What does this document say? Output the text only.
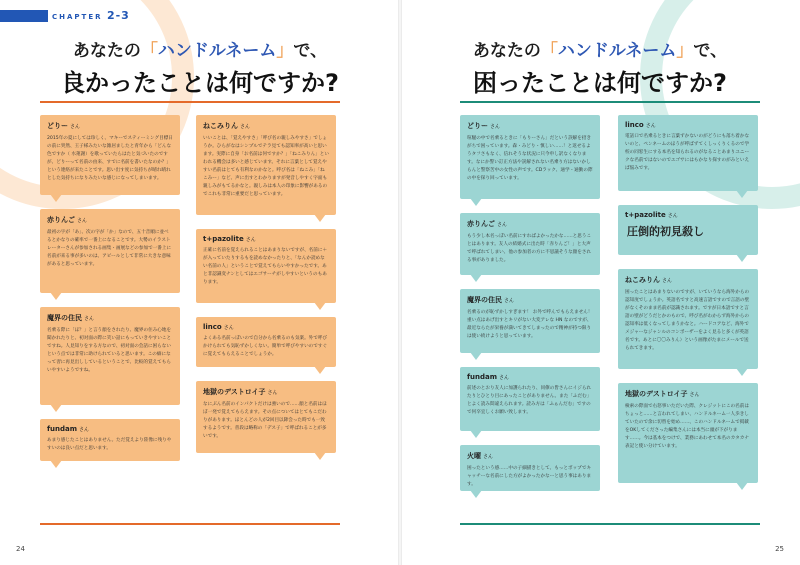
CHAPTER 2-3
あなたの「ハンドルネーム」で、
良かったことは何ですか?
どりー さん
2015年の夏にしては珍しく、マキーでスティーミング目標日の前に突然、王子様みたいな雑居ましたと青年から「どんな色ですか（ 水蓮謝）を歌っていたらはたと気づいたのですが、どりーって名前の由来、すでに名前を書いたなのか？」という連絡が来たことです。思い出す度に気持ちが晴れ晴れとした気持ちになりみたいな感じになってしまいます。
赤りんご さん
最初の字が「あ」、次の字が「か」なので、五十音順に並べるとかなりの確率で一番上になることです。大勢のイラストレーターさんが参加される画集・画展などの参加で一番上に名前が来る事が多いのは、アピールとして非常に大きな意味があると思っています。
魔界の住民 さん
名乗る際に「ほ？」と言う顔をされたり、魔界の住み心地を聞かれたりと、初対面の際に笑い話にもっていきやすいことですね。人見知りをする方なので、初対面の会話に困らないという点では非常に助けられていると思います。この癖になって習に再見出ししているということで、比較的覚えてもらいやすいようですね。
fundam さん
あまり感じたことはありません。ただ覚えより陸像に残りやすいのは良い点だと思います。
ねこみりん さん
いいことは、「覚えやすさ」「呼び名の親しみやすさ」でしょうか。ひらがなはシンプルでテラ見ても認知率が高いと思います。実際に自身「お名前は何ですか？」「ねこみりん」といわれる機会は多いと感じています。それに言葉として覚えやすい名前はとても有利なのかなと。呼び名は「ねこみ」「ねこみー」など、声に出すとわかりますが発音しやすく字面も親しみがもてるかなと。親しみは本人の印象に影響があるのでこれも非常に重要だと思っています。
t+pazolite さん
正確に名前を覚えられることはあまりないですが、名前に＋が入っていたりするもを読めなかったりと、「なんか読めない名前の人」ということで覚えてもらいやすかったです。あと非認識変ナンとしてはエゴサーチがしやすいというのもあります。
linco さん
よくある名前っぽいので自分から名乗るのも気楽。外で呼びかけられても気恥ずかしくない。簡単で呼びやすいのですぐに覚えてもらえることでしょうか。
地獄のデストロイ子 さん
なにぶん名前のインパクトだけは強いので……顔と名前はほぼ一発で覚えてもらえます。その点についてはとてもこだわりがあります。ほとんどの人が2回目以降会った時でも一致するようです。普段は略称の「デス子」で呼ばれることが多いです。
24
あなたの「ハンドルネーム」で、
困ったことは何ですか?
どりー さん
喧騒の中で名乗るときに「もりーさん」だという誤解を招きがちで困っています。森・みどり・慎しい……！と返せるようタフさもなく、信れそうな状況に只今申し訳なくなります。なにか警い訂正方法や誤解されない名乗り方はないかしらんと警察苦中の女性の声です。CDラック、通学・通勤の際の中を探り回っています。
赤りんご さん
もう少し本名っぽい名前にすればよかったかな……と思うことはあります。友人の結婚式に出た時「赤りんご！」と大声で呼ばれてしまい、他の参加者の方に不思議そうな顔をされる事がありました。
魔界の住民 さん
名乗るのが恥ずかしすぎます！ お外で呼んでもらえません！ 重い点はあげ出すとキリがない大変アレな HN なのですが、最近ならたが栄養が満いてきてしまったので精神が持つ限りは使い続けようと思っています。
fundam さん
前述のとおり友人に加護られたり、同僚の皆さんにイジられたりとひとり目にあったことがありません。また「ふだむ」とよく読み間違えられます。読み方は「ふぁんだむ」ですので何卒宜しくお願い致します。
火曜 さん
困ったという感……中の子細描きとして、もっとポップでキャッチーな名前にした方がよかったかなーと思う事はあります。
linco さん
電話口で名乗るときに言葉ずかないのがどうにも落ち着かないのと、ペンネームのほうが呼ばずてくしっくりくるので学校の同窓生にする本名を知られるのがなることあまりユニークな名前ではないのでエゴサにはもかなり探すのがみといえば悩みです。
t+pazolite さん
圧倒的初見殺し
ねこみりん さん
困ったことはあまりないのですが、いていうなら海外からの認知度でしょうか。英語名ですと高速言語ですので言語の壁がなくそのまま名前が認識されます。ですが日本語ですと言語の壁がどうだとかのもので、呼び名がわからず海外からの認知率は低くなってしまうかなと。ハードコアなど、海外でメジャーなジャンルのコンポーザーをよく見ると多くが英語名です。あとに〇〇みりん）という画像がたまにメールで送られてきます。
地獄のデストロイ子 さん
検索の際面で右怒事いただいた際、クレジットにこの名前はちょっと……と言われてしまい、ハンドルネーム一人歩きしていたので余に切替を始め……、このハンドルネームで掲載をOKしてくださった編集さんには本当に頭が下がります……。今は基本をつけで、業務にあわせて本名のカタカナ表記と使い分けています。
25
